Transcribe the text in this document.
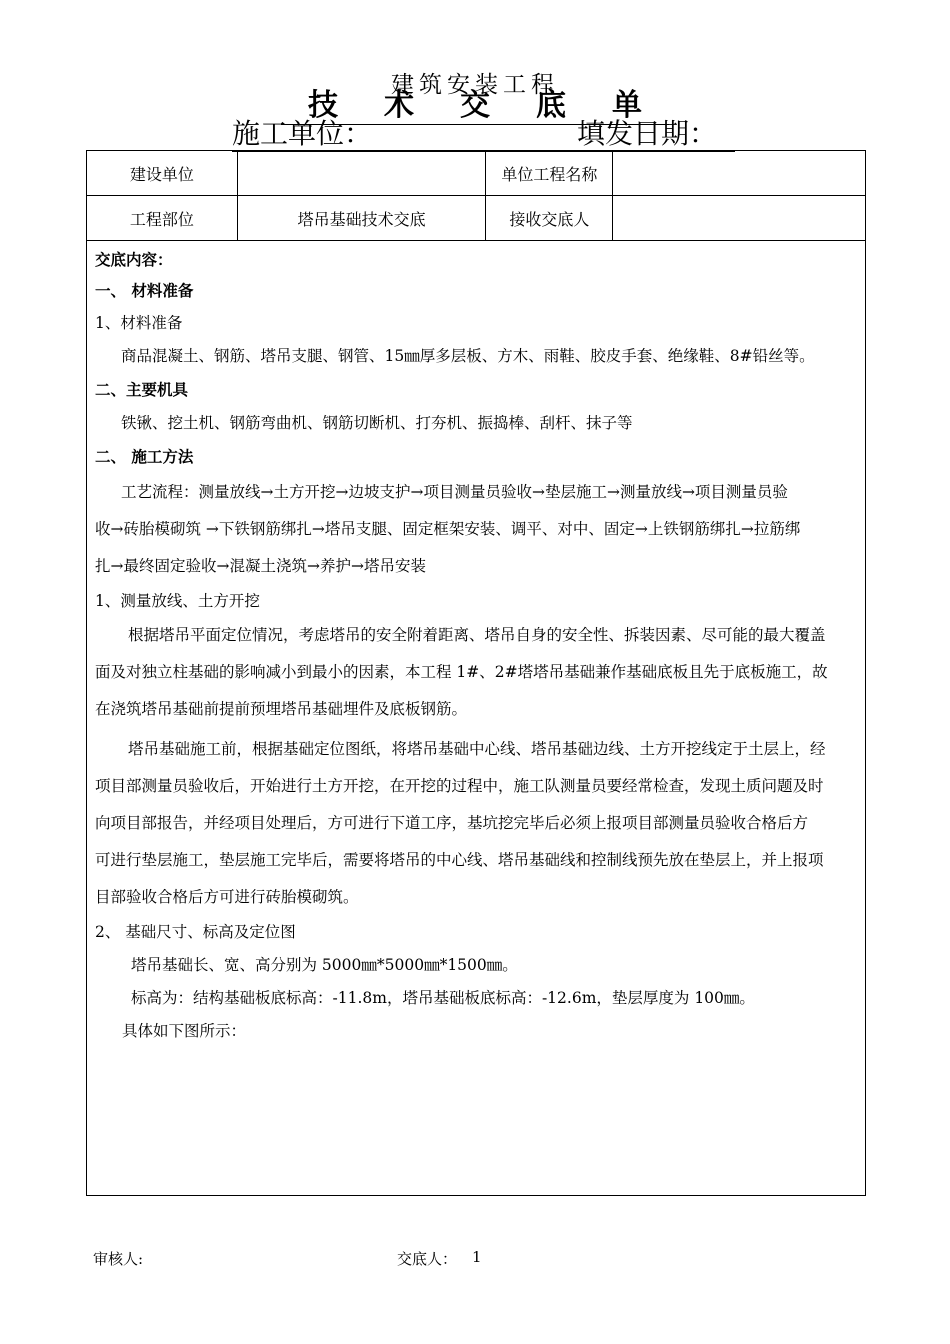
建筑安装工程
技 术 交 底 单
施工单位：	填发日期：
建设单位		单位工程名称	
工程部位	塔吊基础技术交底	接收交底人	

交底内容：

一、 材料准备

1、材料准备

商品混凝土、钢筋、塔吊支腿、钢管、15㎜厚多层板、方木、雨鞋、胶皮手套、绝缘鞋、8#铅丝等。

二、主要机具

铁锹、挖土机、钢筋弯曲机、钢筋切断机、打夯机、振捣棒、刮杆、抹子等

二、 施工方法

工艺流程：测量放线→土方开挖→边坡支护→项目测量员验收→垫层施工→测量放线→项目测量员验

收→砖胎模砌筑 →下铁钢筋绑扎→塔吊支腿、固定框架安装、调平、对中、固定→上铁钢筋绑扎→拉筋绑

扎→最终固定验收→混凝土浇筑→养护→塔吊安装

1、测量放线、土方开挖

根据塔吊平面定位情况，考虑塔吊的安全附着距离、塔吊自身的安全性、拆装因素、尽可能的最大覆盖

面及对独立柱基础的影响减小到最小的因素，本工程 1#、2#塔塔吊基础兼作基础底板且先于底板施工，故

在浇筑塔吊基础前提前预埋塔吊基础埋件及底板钢筋。

塔吊基础施工前，根据基础定位图纸，将塔吊基础中心线、塔吊基础边线、土方开挖线定于土层上，经

项目部测量员验收后，开始进行土方开挖，在开挖的过程中，施工队测量员要经常检查，发现土质问题及时

向项目部报告，并经项目处理后，方可进行下道工序，基坑挖完毕后必须上报项目部测量员验收合格后方

可进行垫层施工，垫层施工完毕后，需要将塔吊的中心线、塔吊基础线和控制线预先放在垫层上，并上报项

目部验收合格后方可进行砖胎模砌筑。

2、 基础尺寸、标高及定位图

塔吊基础长、宽、高分别为 5000㎜*5000㎜*1500㎜。

标高为：结构基础板底标高：-11.8m，塔吊基础板底标高：-12.6m，垫层厚度为 100㎜。

具体如下图所示：

审核人:	交底人： 1
